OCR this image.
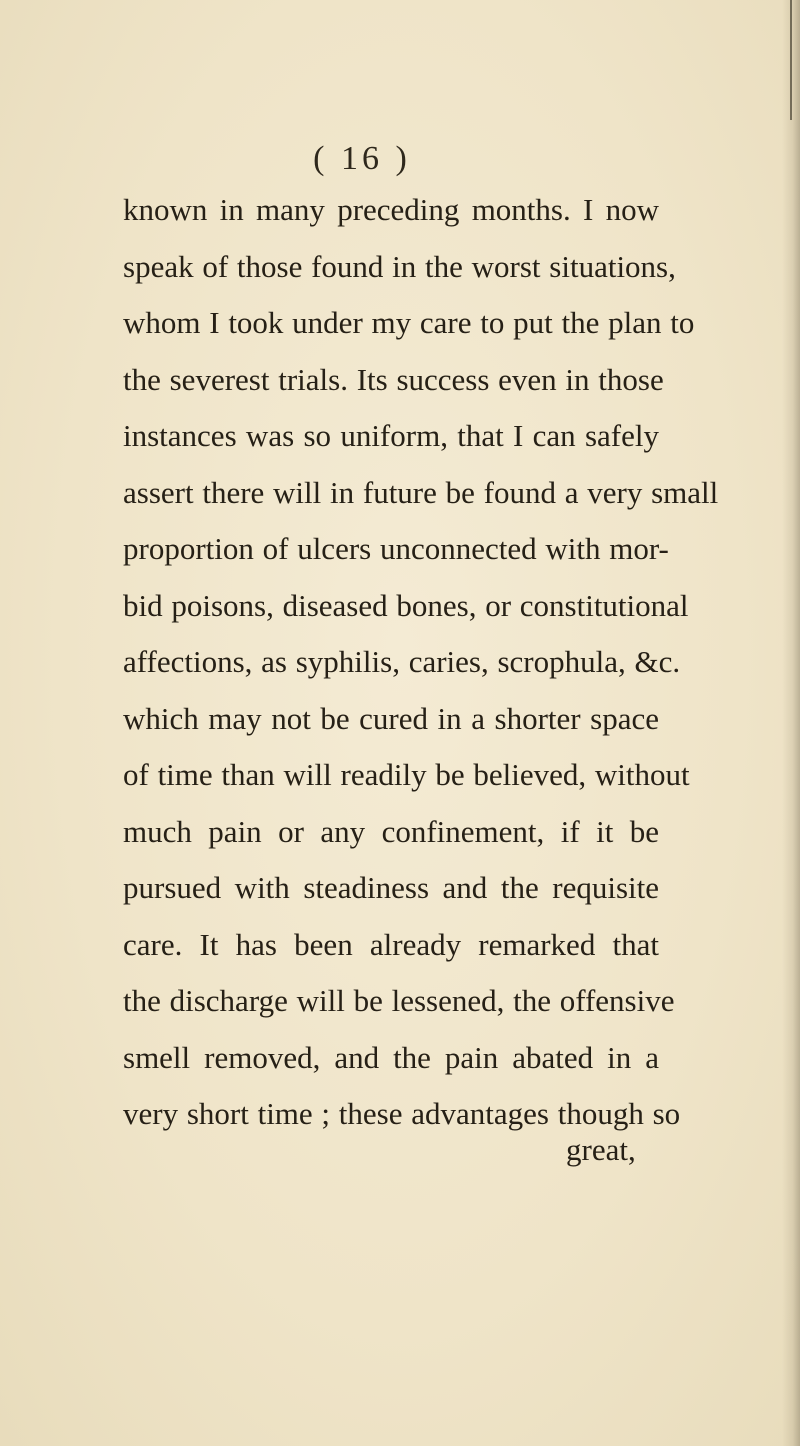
( 16 )
known in many preceding months. I now
speak of those found in the worst situations,
whom I took under my care to put the plan to
the severest trials. Its success even in those
instances was so uniform, that I can safely
assert there will in future be found a very small
proportion of ulcers unconnected with mor-
bid poisons, diseased bones, or constitutional
affections, as syphilis, caries, scrophula, &c.
which may not be cured in a shorter space
of time than will readily be believed, without
much pain or any confinement, if it be
pursued with steadiness and the requisite
care. It has been already remarked that
the discharge will be lessened, the offensive
smell removed, and the pain abated in a
very short time ; these advantages though so
great,
